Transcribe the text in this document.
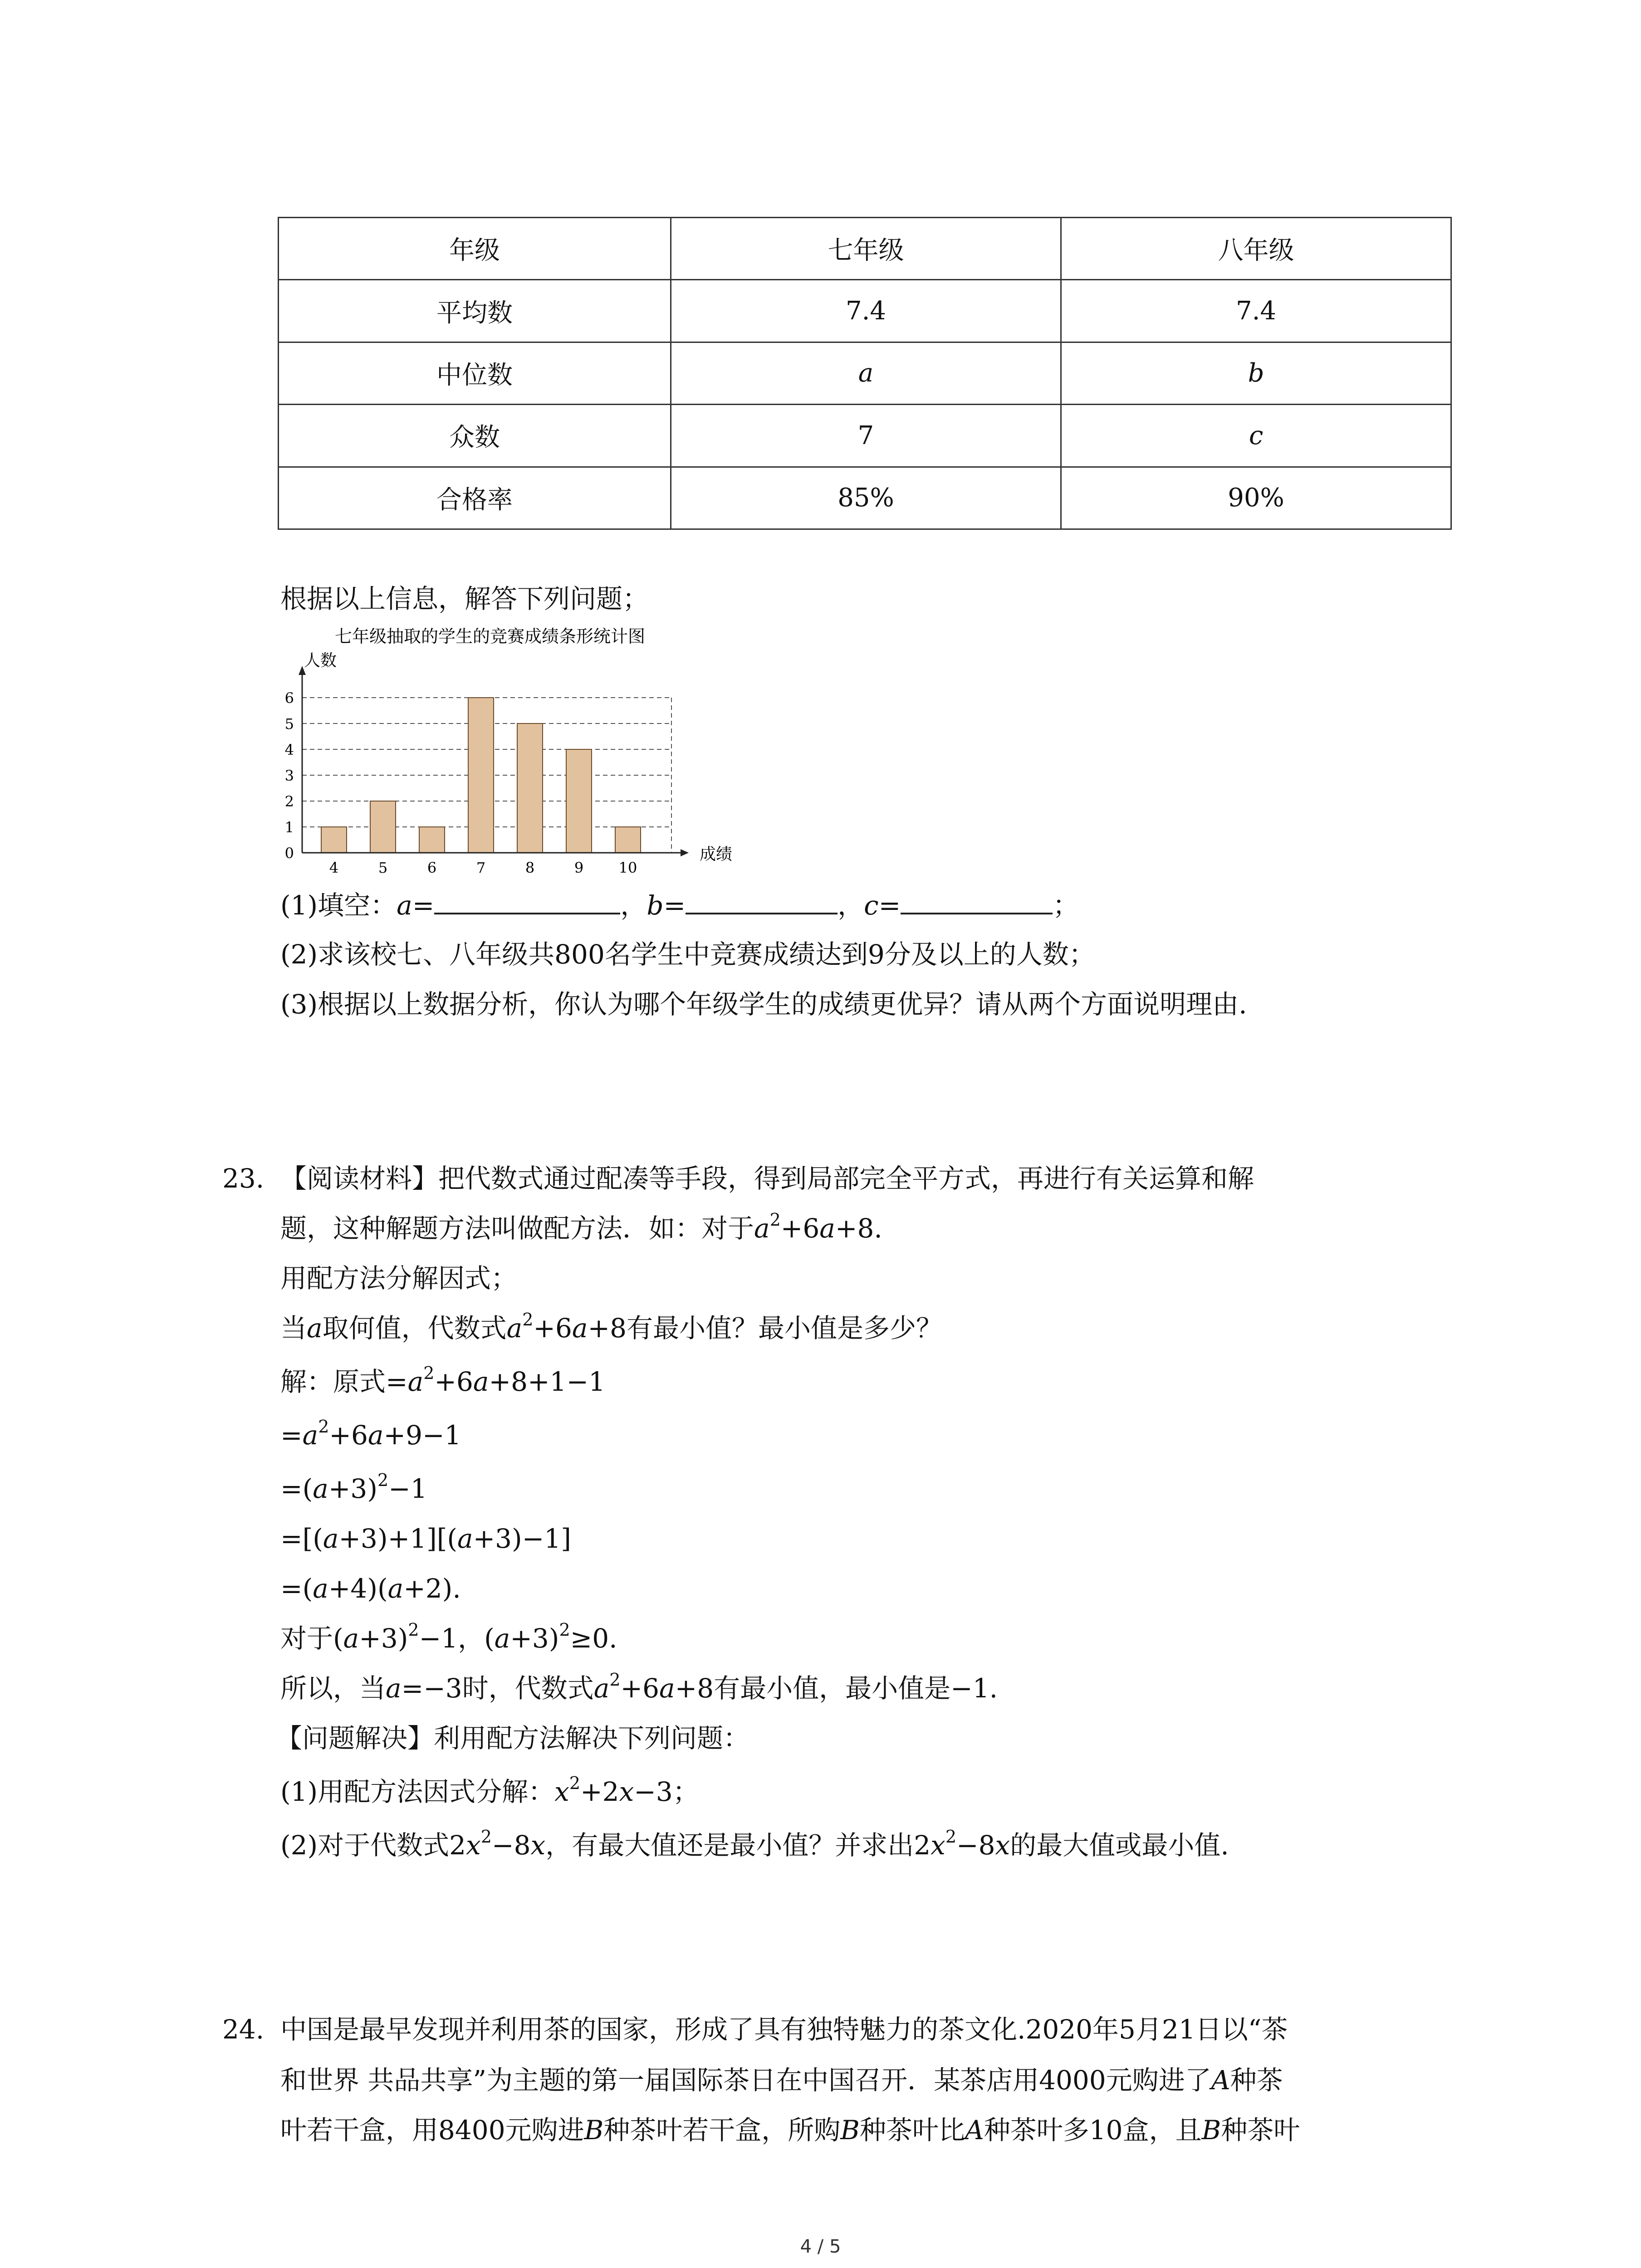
年级	七年级	八年级
平均数	7.4	7.4
中位数	a	b
众数	7	c
合格率	85%	90%
根据以上信息，解答下列问题；
七年级抽取的学生的竞赛成绩条形统计图
人数
0
1
2
3
4
5
6
4	5	6	7	8	9 10
成绩
(1)填空：a=	，b=	，c=	；
(2)求该校七、八年级共800名学生中竞赛成绩达到9分及以上的人数；
(3)根据以上数据分析，你认为哪个年级学生的成绩更优异？请从两个方面说明理由.
23. 【阅读材料】把代数式通过配凑等手段，得到局部完全平方式，再进行有关运算和解
题，这种解题方法叫做配方法．如：对于$a^2+6a+8$.
用配方法分解因式；
当a取何值，代数式$a^2+6a+8$有最小值？最小值是多少？
解：原式$=a^2+6a+8+1-1$
$=a^2+6a+9-1$
$=(a+3)^2-1$
=[(a+3)+1][(a+3)−1]
=(a+4)(a+2).
对于$(a+3)^2-1$，$(a+3)^2\ge 0$.
所以，当a=−3时，代数式$a^2+6a+8$有最小值，最小值是−1.
【问题解决】利用配方法解决下列问题：
(1)用配方法因式分解：$x^2+2x-3$；
(2)对于代数式$2x^2-8x$，有最大值还是最小值？并求出$2x^2-8x$的最大值或最小值.
24. 中国是最早发现并利用茶的国家，形成了具有独特魅力的茶文化.2020年5月21日以“茶
和世界 共品共享”为主题的第一届国际茶日在中国召开．某茶店用4000元购进了A种茶
叶若干盒，用8400元购进B种茶叶若干盒，所购B种茶叶比A种茶叶多10盒，且B种茶叶
4 / 5
